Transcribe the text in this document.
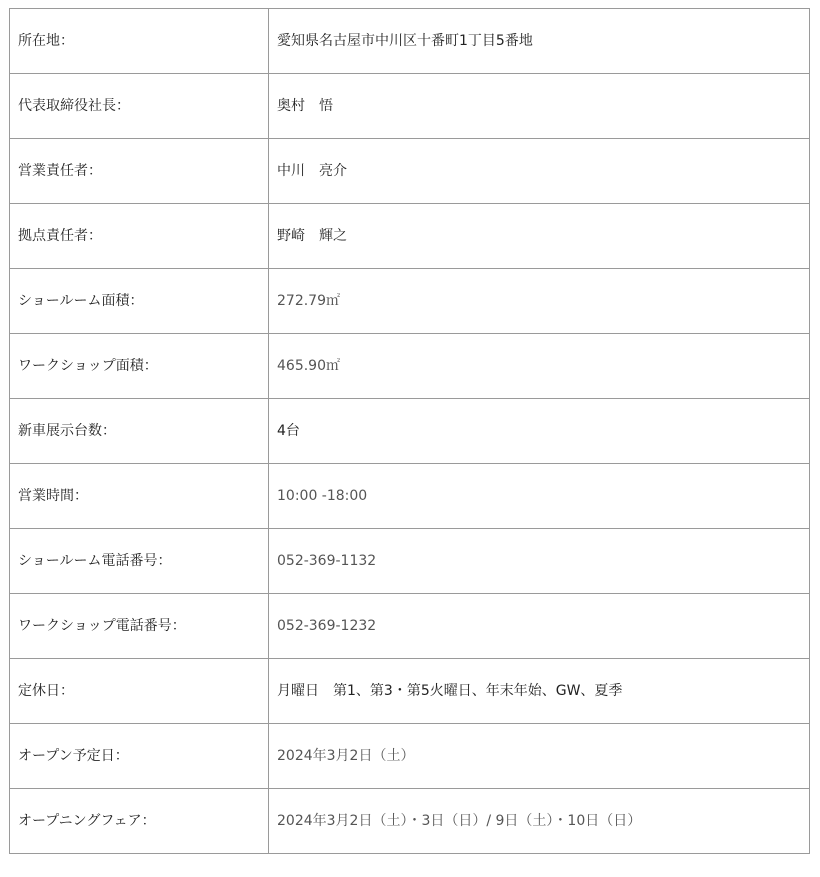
所在地：	愛知県名古屋市中川区十番町1丁目5番地
代表取締役社長：	奥村　悟
営業責任者：	中川　亮介
拠点責任者：	野崎　輝之
ショールーム面積：	272.79㎡
ワークショップ面積：	465.90㎡
新車展示台数：	4台
営業時間：	10:00 -18:00
ショールーム電話番号：	052-369-1132
ワークショップ電話番号：	052-369-1232
定休日：	月曜日　第1、第3・第5火曜日、年末年始、GW、夏季
オープン予定日：	2024年3月2日（土）
オープニングフェア：	2024年3月2日（土）・3日（日）/ 9日（土）・10日（日）
